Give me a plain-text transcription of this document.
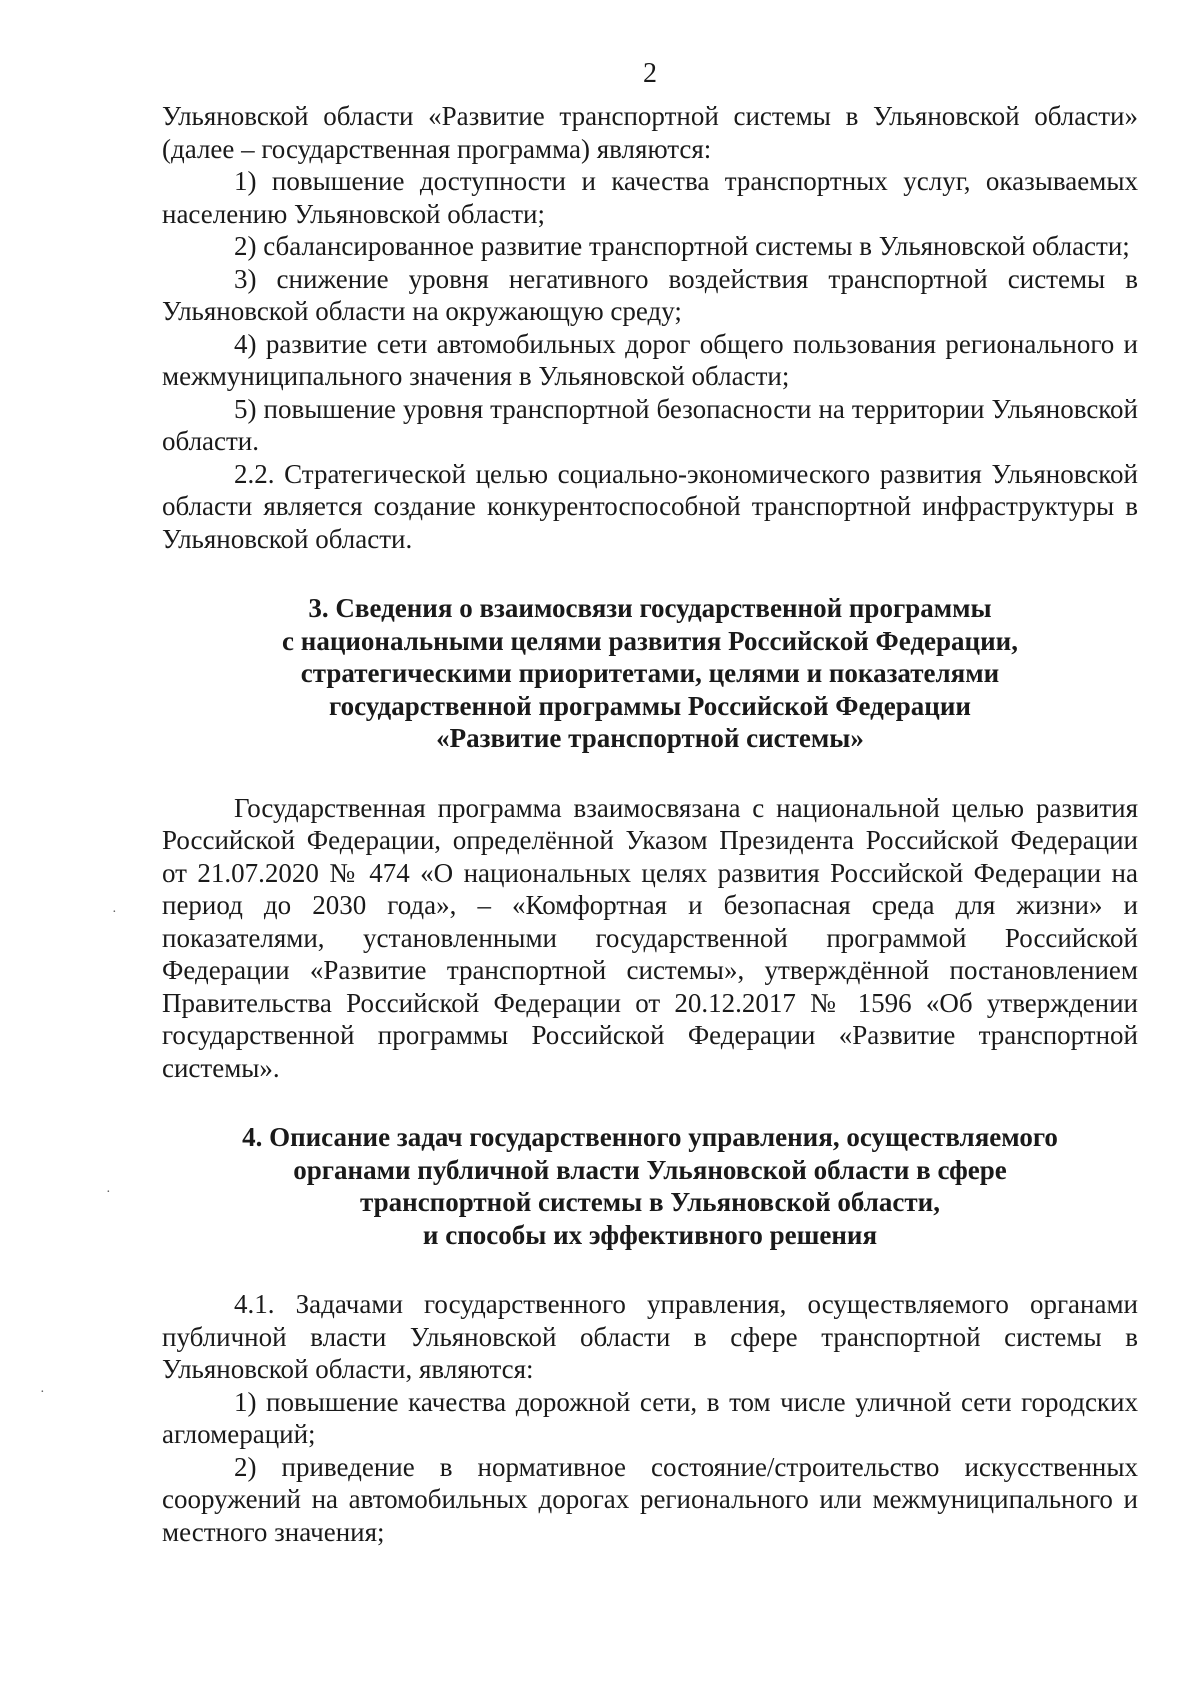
2

Ульяновской области «Развитие транспортной системы в Ульяновской области» (далее – государственная программа) являются:

1) повышение доступности и качества транспортных услуг, оказываемых населению Ульяновской области;

2) сбалансированное развитие транспортной системы в Ульяновской области;

3) снижение уровня негативного воздействия транспортной системы в Ульяновской области на окружающую среду;

4) развитие сети автомобильных дорог общего пользования регионального и межмуниципального значения в Ульяновской области;

5) повышение уровня транспортной безопасности на территории Ульяновской области.

2.2. Стратегической целью социально-экономического развития Ульяновской области является создание конкурентоспособной транспортной инфраструктуры в Ульяновской области.

3. Сведения о взаимосвязи государственной программы
с национальными целями развития Российской Федерации,
стратегическими приоритетами, целями и показателями
государственной программы Российской Федерации
«Развитие транспортной системы»

Государственная программа взаимосвязана с национальной целью развития Российской Федерации, определённой Указом Президента Российской Федерации от 21.07.2020 № 474 «О национальных целях развития Российской Федерации на период до 2030 года», – «Комфортная и безопасная среда для жизни» и показателями, установленными государственной программой Российской Федерации «Развитие транспортной системы», утверждённой постановлением Правительства Российской Федерации от 20.12.2017 № 1596 «Об утверждении государственной программы Российской Федерации «Развитие транспортной системы».

4. Описание задач государственного управления, осуществляемого
органами публичной власти Ульяновской области в сфере
транспортной системы в Ульяновской области,
и способы их эффективного решения

4.1. Задачами государственного управления, осуществляемого органами публичной власти Ульяновской области в сфере транспортной системы в Ульяновской области, являются:

1) повышение качества дорожной сети, в том числе уличной сети городских агломераций;

2) приведение в нормативное состояние/строительство искусственных сооружений на автомобильных дорогах регионального или межмуниципального и местного значения;

·
·
·
